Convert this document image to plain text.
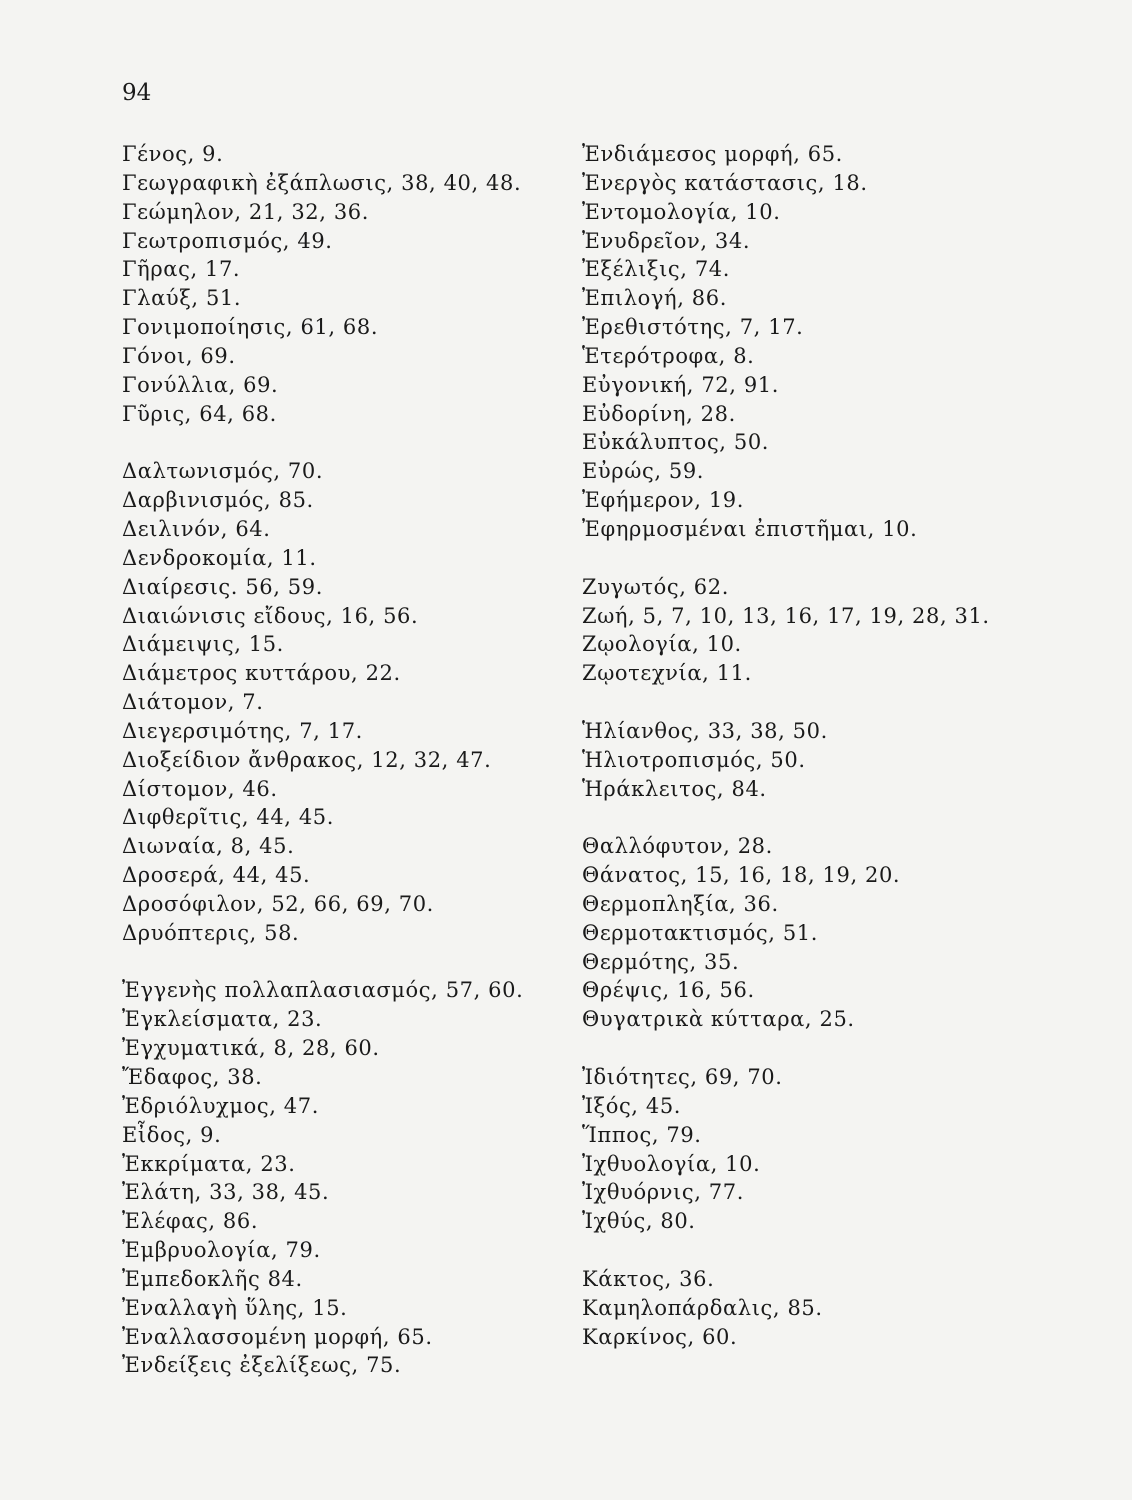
94
Γένος, 9.
Γεωγραφικὴ ἐξάπλωσις, 38, 40, 48.
Γεώμηλον, 21, 32, 36.
Γεωτροπισμός, 49.
Γῆρας, 17.
Γλαύξ, 51.
Γονιμοποίησις, 61, 68.
Γόνοι, 69.
Γονύλλια, 69.
Γῦρις, 64, 68.
Δαλτωνισμός, 70.
Δαρβινισμός, 85.
Δειλινόν, 64.
Δενδροκομία, 11.
Διαίρεσις. 56, 59.
Διαιώνισις εἴδους, 16, 56.
Διάμειψις, 15.
Διάμετρος κυττάρου, 22.
Διάτομον, 7.
Διεγερσιμότης, 7, 17.
Διοξείδιον ἄνθρακος, 12, 32, 47.
Δίστομον, 46.
Διφθερῖτις, 44, 45.
Διωναία, 8, 45.
Δροσερά, 44, 45.
Δροσόφιλον, 52, 66, 69, 70.
Δρυόπτερις, 58.
Ἐγγενὴς πολλαπλασιασμός, 57, 60.
Ἐγκλείσματα, 23.
Ἐγχυματικά, 8, 28, 60.
Ἔδαφος, 38.
Ἐδριόλυχμος, 47.
Εἶδος, 9.
Ἐκκρίματα, 23.
Ἐλάτη, 33, 38, 45.
Ἐλέφας, 86.
Ἐμβρυολογία, 79.
Ἐμπεδοκλῆς 84.
Ἐναλλαγὴ ὕλης, 15.
Ἐναλλασσομένη μορφή, 65.
Ἐνδείξεις ἐξελίξεως, 75.
Ἐνδιάμεσος μορφή, 65.
Ἐνεργὸς κατάστασις, 18.
Ἐντομολογία, 10.
Ἐνυδρεῖον, 34.
Ἐξέλιξις, 74.
Ἐπιλογή, 86.
Ἐρεθιστότης, 7, 17.
Ἑτερότροφα, 8.
Εὐγονική, 72, 91.
Εὐδορίνη, 28.
Εὐκάλυπτος, 50.
Εὐρώς, 59.
Ἐφήμερον, 19.
Ἐφηρμοσμέναι ἐπιστῆμαι, 10.
Ζυγωτός, 62.
Ζωή, 5, 7, 10, 13, 16, 17, 19, 28, 31.
Ζῳολογία, 10.
Ζῳοτεχνία, 11.
Ἡλίανθος, 33, 38, 50.
Ἡλιοτροπισμός, 50.
Ἡράκλειτος, 84.
Θαλλόφυτον, 28.
Θάνατος, 15, 16, 18, 19, 20.
Θερμοπληξία, 36.
Θερμοτακτισμός, 51.
Θερμότης, 35.
Θρέψις, 16, 56.
Θυγατρικὰ κύτταρα, 25.
Ἰδιότητες, 69, 70.
Ἰξός, 45.
Ἵππος, 79.
Ἰχθυολογία, 10.
Ἰχθυόρνις, 77.
Ἰχθύς, 80.
Κάκτος, 36.
Καμηλοπάρδαλις, 85.
Καρκίνος, 60.
